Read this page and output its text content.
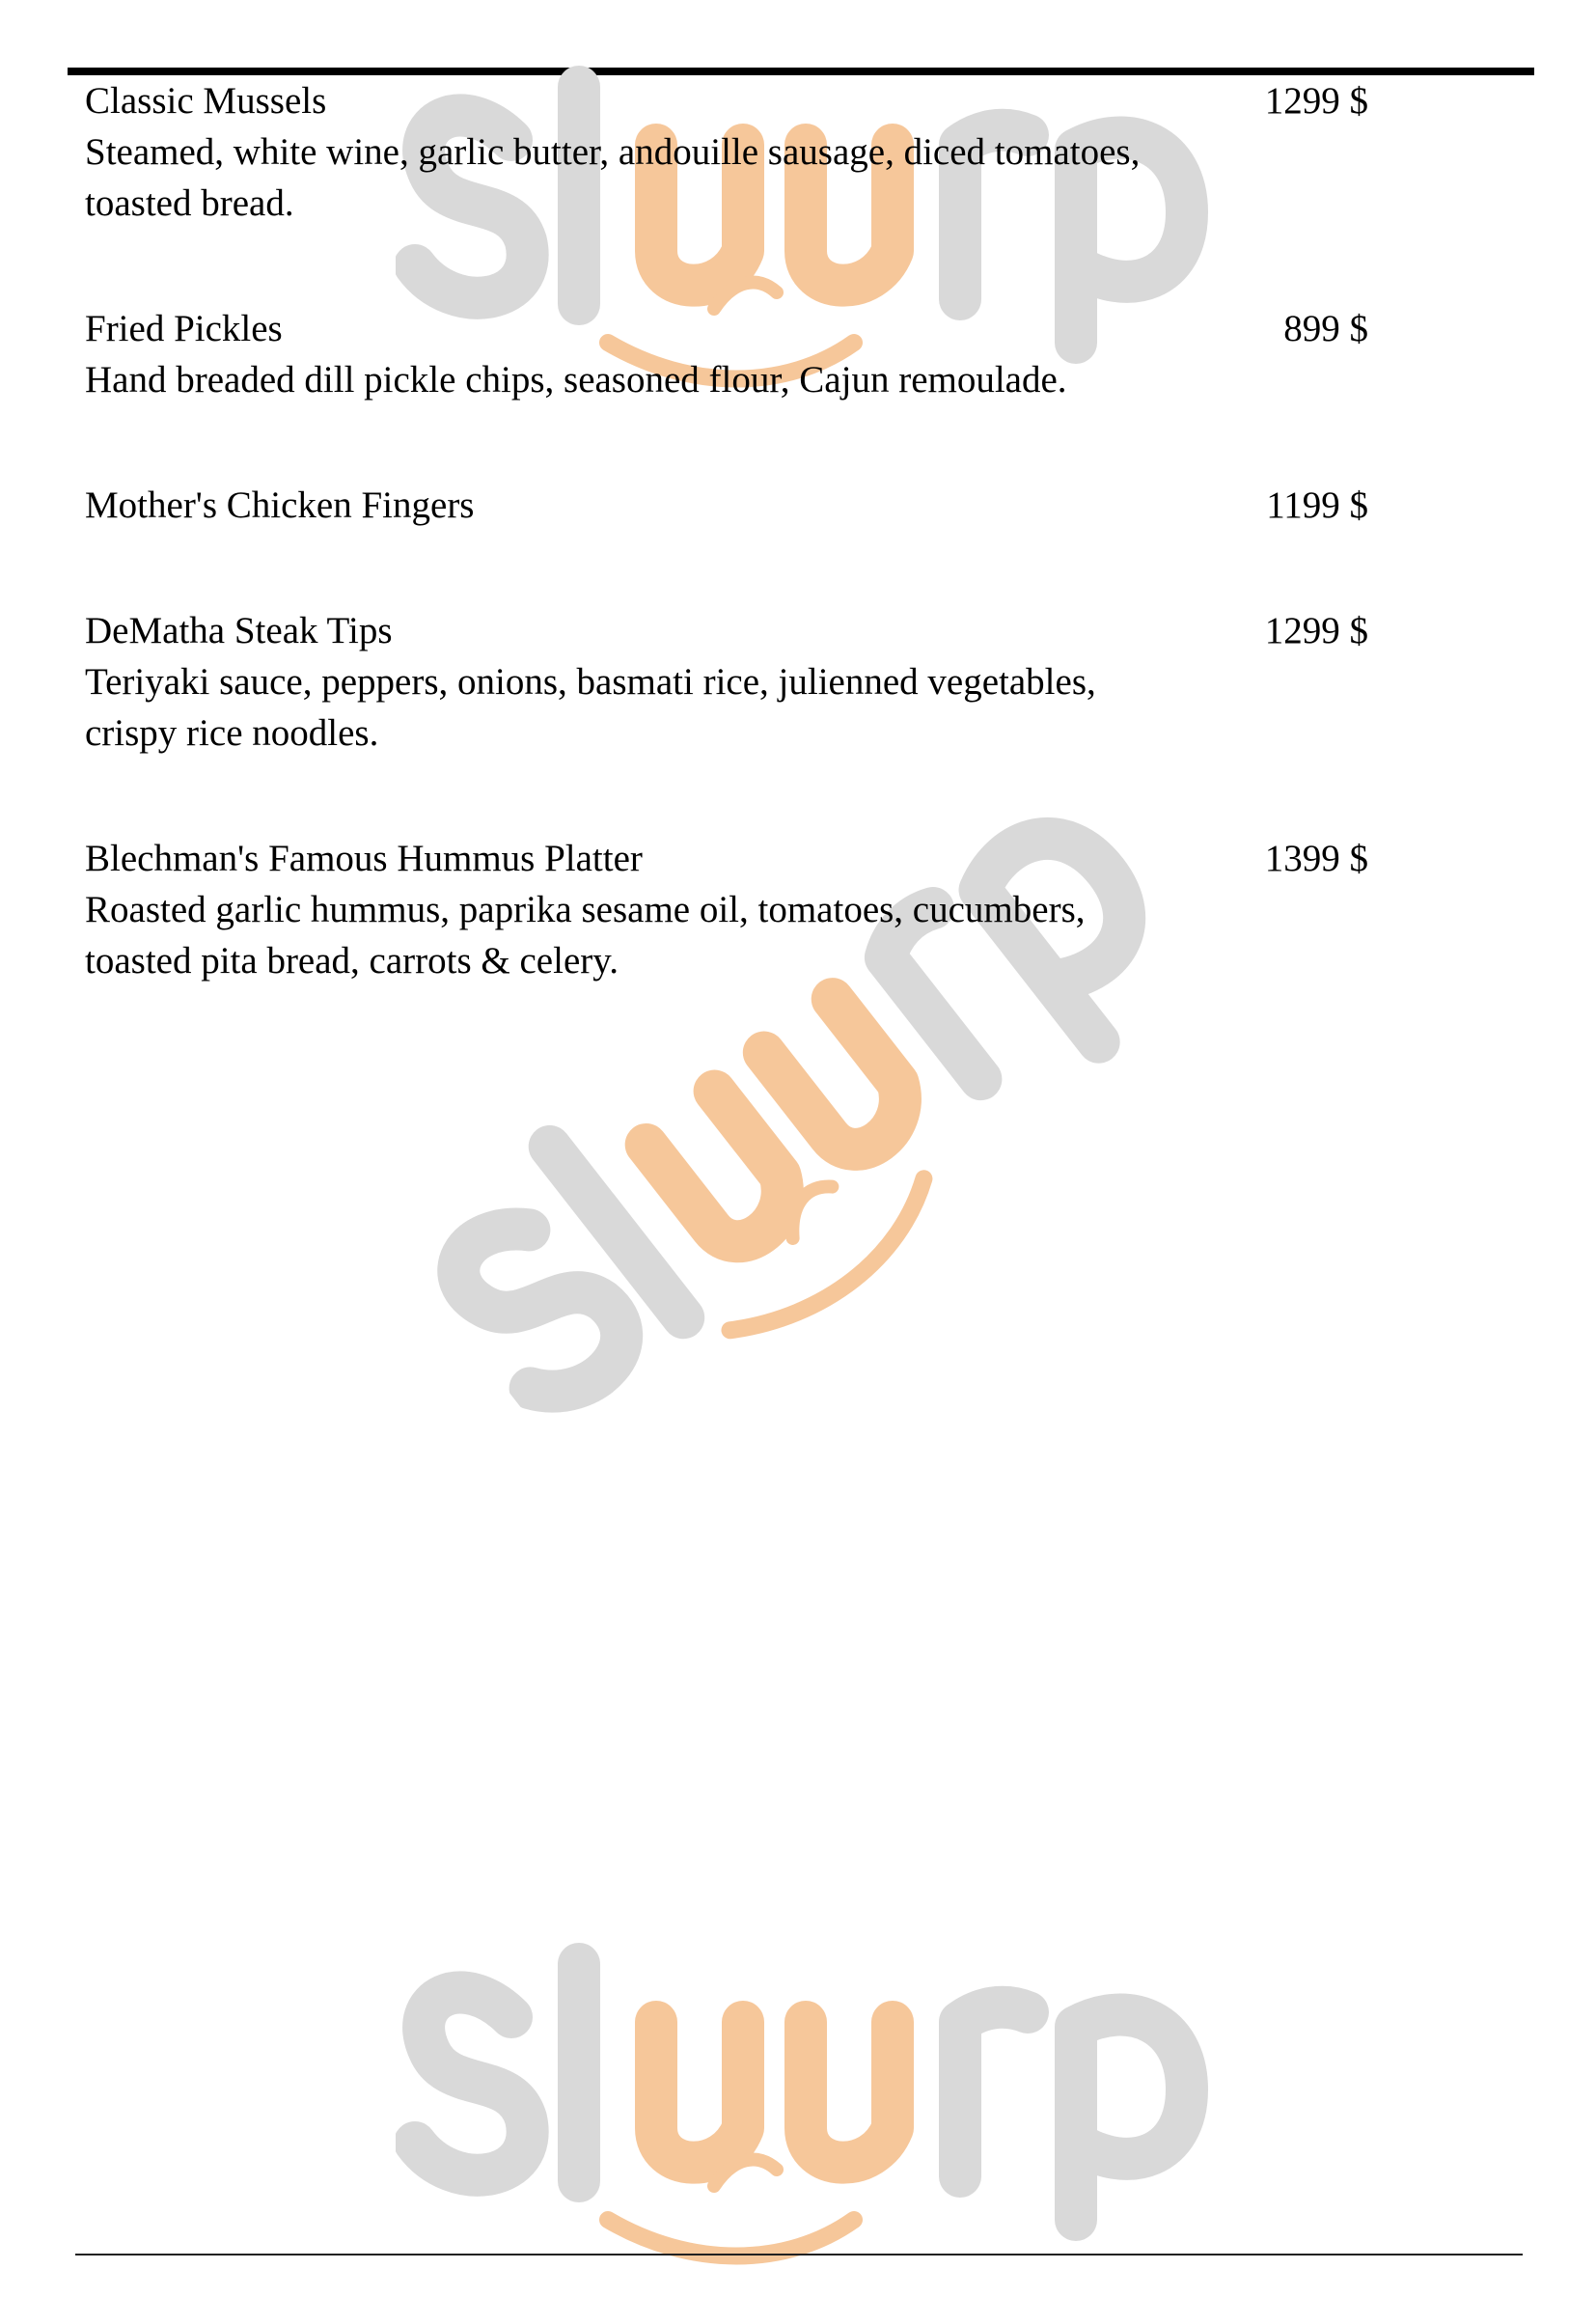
Classic Mussels	1299 $
Steamed, white wine, garlic butter, andouille sausage, diced tomatoes, toasted bread.
Fried Pickles	899 $
Hand breaded dill pickle chips, seasoned flour, Cajun remoulade.
Mother's Chicken Fingers	1199 $
DeMatha Steak Tips	1299 $
Teriyaki sauce, peppers, onions, basmati rice, julienned vegetables, crispy rice noodles.
Blechman's Famous Hummus Platter	1399 $
Roasted garlic hummus, paprika sesame oil, tomatoes, cucumbers, toasted pita bread, carrots & celery.
